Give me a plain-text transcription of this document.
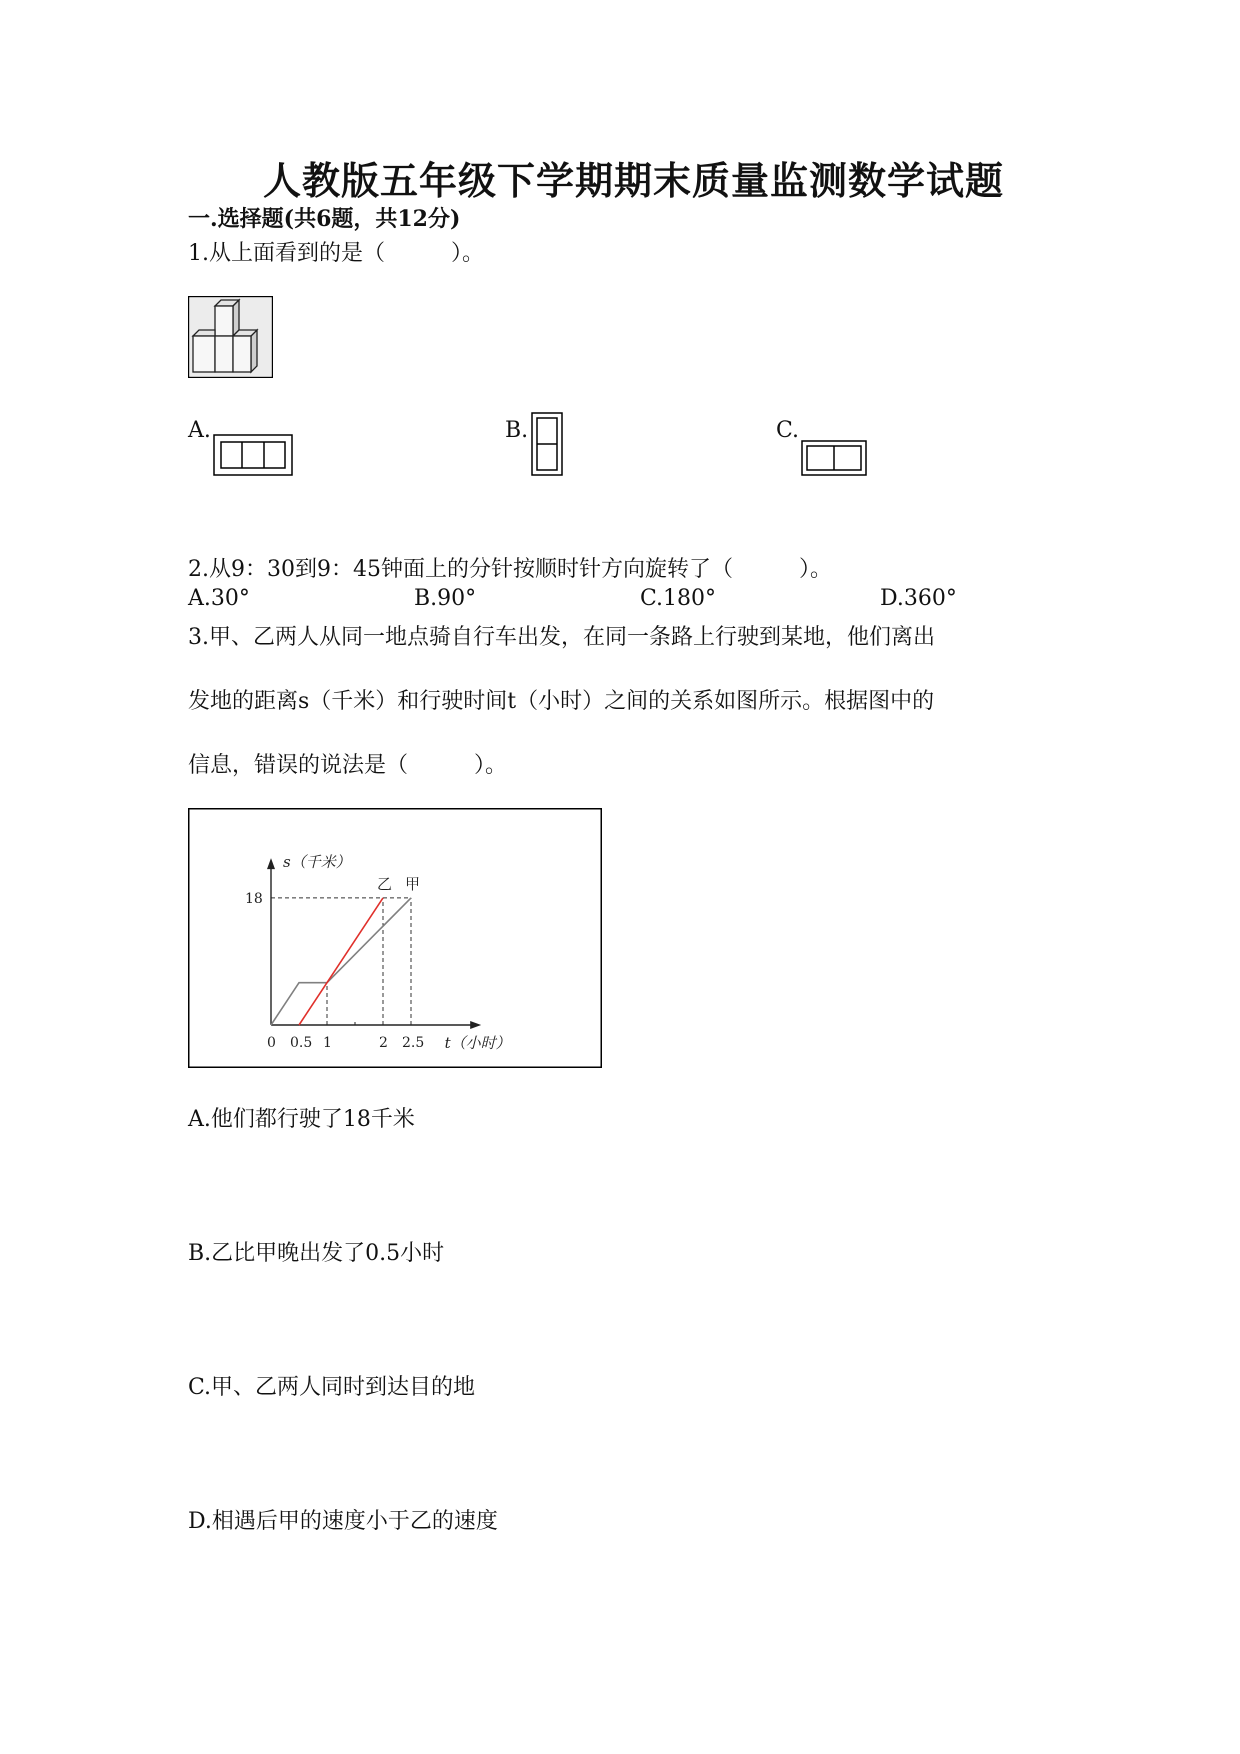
人教版五年级下学期期末质量监测数学试题
一.选择题(共6题，共12分)
1.从上面看到的是（　　　）。
A.	B.	C.
2.从9：30到9：45钟面上的分针按顺时针方向旋转了（　　　）。
A.30°	B.90°	C.180°	D.360°
3.甲、乙两人从同一地点骑自行车出发，在同一条路上行驶到某地，他们离出
发地的距离s（千米）和行驶时间t（小时）之间的关系如图所示。根据图中的
信息，错误的说法是（　　　）。
0 0.5 1	2 2.5
18
甲
乙
s（千米）
t（小时）
A.他们都行驶了18千米
B.乙比甲晚出发了0.5小时
C.甲、乙两人同时到达目的地
D.相遇后甲的速度小于乙的速度
